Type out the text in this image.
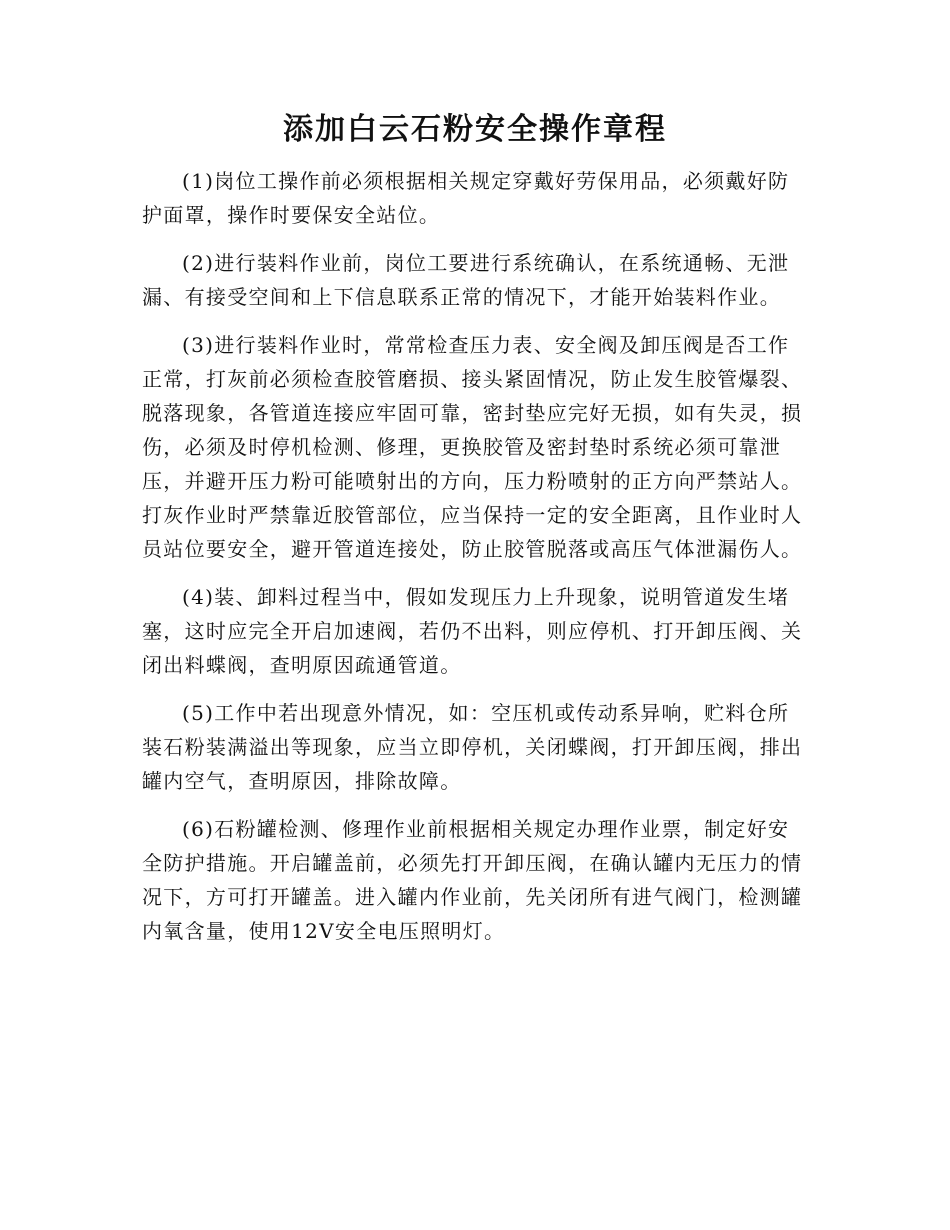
添加白云石粉安全操作章程

(1)岗位工操作前必须根据相关规定穿戴好劳保用品，必须戴好防护面罩，操作时要保安全站位。

(2)进行装料作业前，岗位工要进行系统确认，在系统通畅、无泄漏、有接受空间和上下信息联系正常的情况下，才能开始装料作业。

(3)进行装料作业时，常常检查压力表、安全阀及卸压阀是否工作正常，打灰前必须检查胶管磨损、接头紧固情况，防止发生胶管爆裂、脱落现象，各管道连接应牢固可靠，密封垫应完好无损，如有失灵，损伤，必须及时停机检测、修理，更换胶管及密封垫时系统必须可靠泄压，并避开压力粉可能喷射出的方向，压力粉喷射的正方向严禁站人。打灰作业时严禁靠近胶管部位，应当保持一定的安全距离，且作业时人员站位要安全，避开管道连接处，防止胶管脱落或高压气体泄漏伤人。

(4)装、卸料过程当中，假如发现压力上升现象，说明管道发生堵塞，这时应完全开启加速阀，若仍不出料，则应停机、打开卸压阀、关闭出料蝶阀，查明原因疏通管道。

(5)工作中若出现意外情况，如：空压机或传动系异响，贮料仓所装石粉装满溢出等现象，应当立即停机，关闭蝶阀，打开卸压阀，排出罐内空气，查明原因，排除故障。

(6)石粉罐检测、修理作业前根据相关规定办理作业票，制定好安全防护措施。开启罐盖前，必须先打开卸压阀，在确认罐内无压力的情况下，方可打开罐盖。进入罐内作业前，先关闭所有进气阀门，检测罐内氧含量，使用12V安全电压照明灯。
